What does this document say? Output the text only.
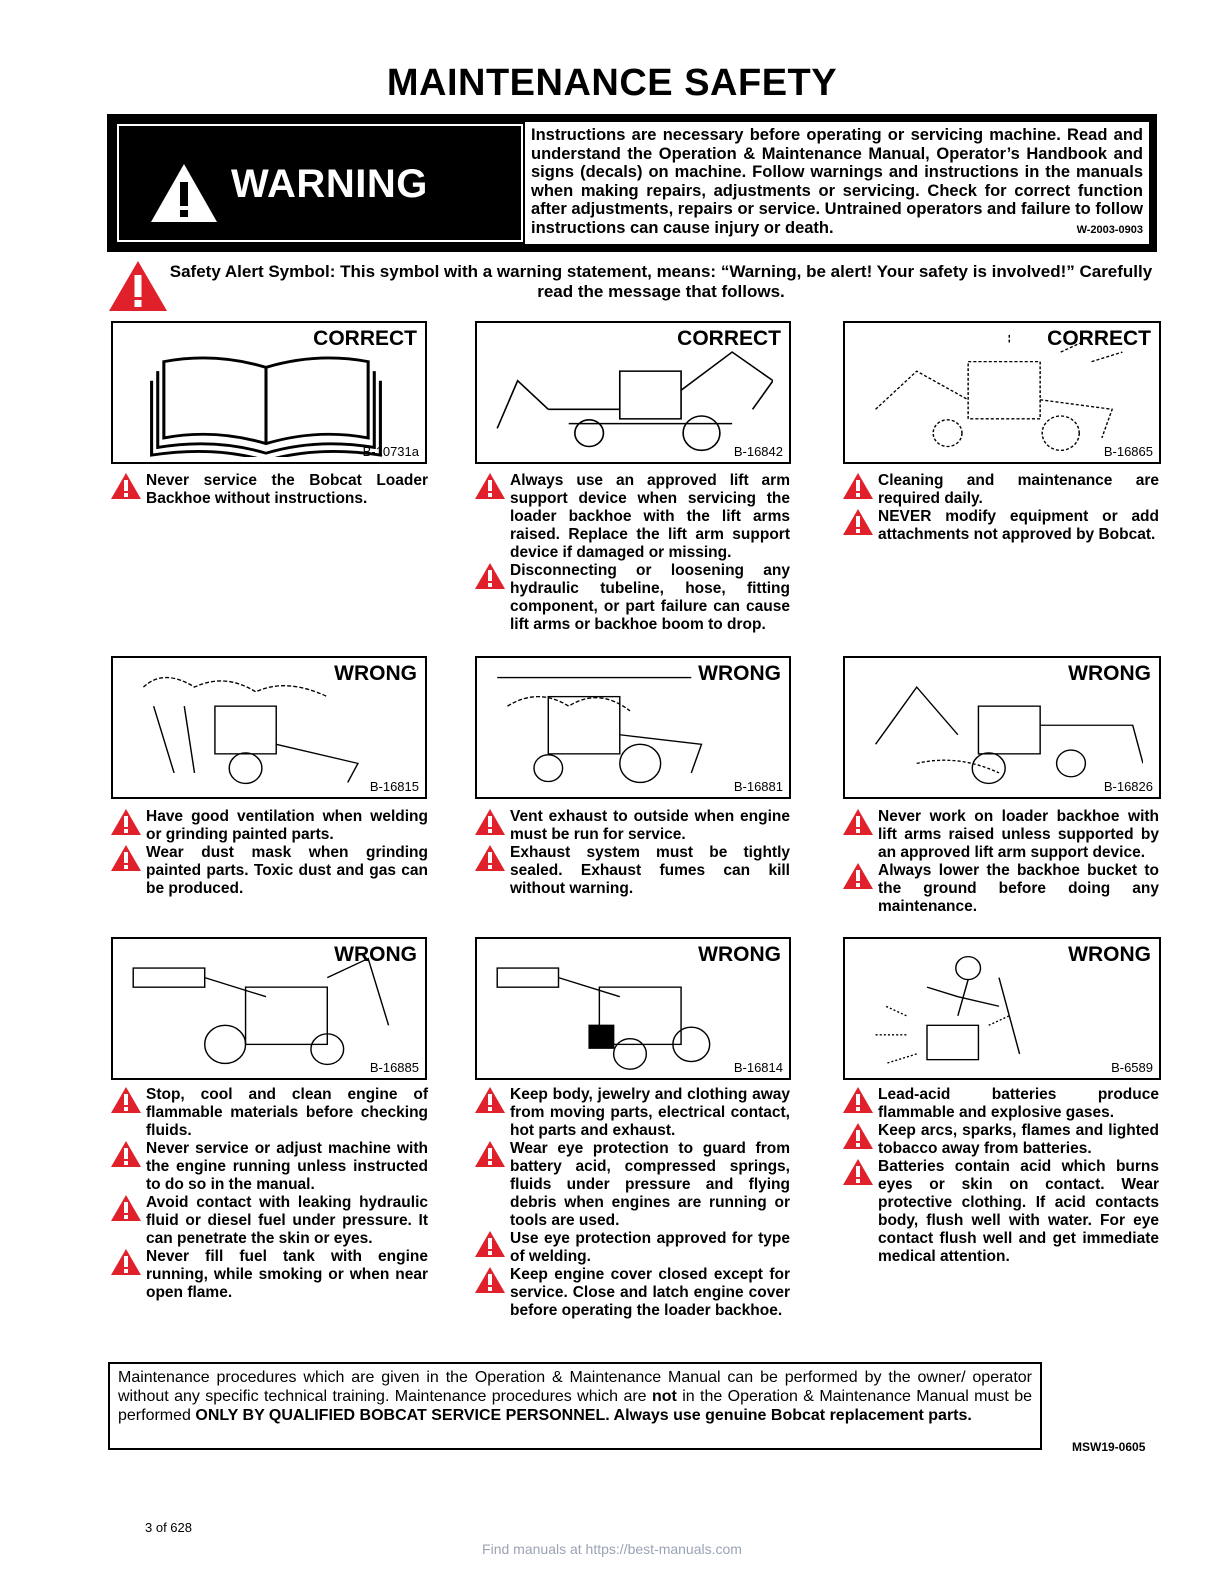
MAINTENANCE SAFETY
WARNING
Instructions are necessary before operating or servicing machine. Read and understand the Operation & Maintenance Manual, Operator’s Handbook and signs (decals) on machine. Follow warnings and instructions in the manuals when making repairs, adjustments or servicing. Check for correct function after adjustments, repairs or service. Untrained operators and failure to follow instructions can cause injury or death.	W-2003-0903
Safety Alert Symbol: This symbol with a warning statement, means: “Warning, be alert! Your safety is involved!” Carefully read the message that follows.
CORRECT
B-10731a
Never service the Bobcat Loader Backhoe without instructions.
CORRECT
B-16842
Always use an approved lift arm support device when servicing the loader backhoe with the lift arms raised. Replace the lift arm support device if damaged or missing.
Disconnecting or loosening any hydraulic tubeline, hose, fitting component, or part failure can cause lift arms or backhoe boom to drop.
CORRECT
B-16865
Cleaning and maintenance are required daily.
NEVER modify equipment or add attachments not approved by Bobcat.
WRONG
B-16815
Have good ventilation when welding or grinding painted parts.
Wear dust mask when grinding painted parts. Toxic dust and gas can be produced.
WRONG
B-16881
Vent exhaust to outside when engine must be run for service.
Exhaust system must be tightly sealed. Exhaust fumes can kill without warning.
WRONG
B-16826
Never work on loader backhoe with lift arms raised unless supported by an approved lift arm support device.
Always lower the backhoe bucket to the ground before doing any maintenance.
WRONG
B-16885
Stop, cool and clean engine of flammable materials before checking fluids.
Never service or adjust machine with the engine running unless instructed to do so in the manual.
Avoid contact with leaking hydraulic fluid or diesel fuel under pressure. It can penetrate the skin or eyes.
Never fill fuel tank with engine running, while smoking or when near open flame.
WRONG
B-16814
Keep body, jewelry and clothing away from moving parts, electrical contact, hot parts and exhaust.
Wear eye protection to guard from battery acid, compressed springs, fluids under pressure and flying debris when engines are running or tools are used.
Use eye protection approved for type of welding.
Keep engine cover closed except for service. Close and latch engine cover before operating the loader backhoe.
WRONG
B-6589
Lead-acid batteries produce flammable and explosive gases.
Keep arcs, sparks, flames and lighted tobacco away from batteries.
Batteries contain acid which burns eyes or skin on contact. Wear protective clothing. If acid contacts body, flush well with water. For eye contact flush well and get immediate medical attention.
Maintenance procedures which are given in the Operation & Maintenance Manual can be performed by the owner/ operator without any specific technical training. Maintenance procedures which are not in the Operation & Maintenance Manual must be performed ONLY BY QUALIFIED BOBCAT SERVICE PERSONNEL. Always use genuine Bobcat replacement parts.
MSW19-0605
3 of 628
Find manuals at https://best-manuals.com
